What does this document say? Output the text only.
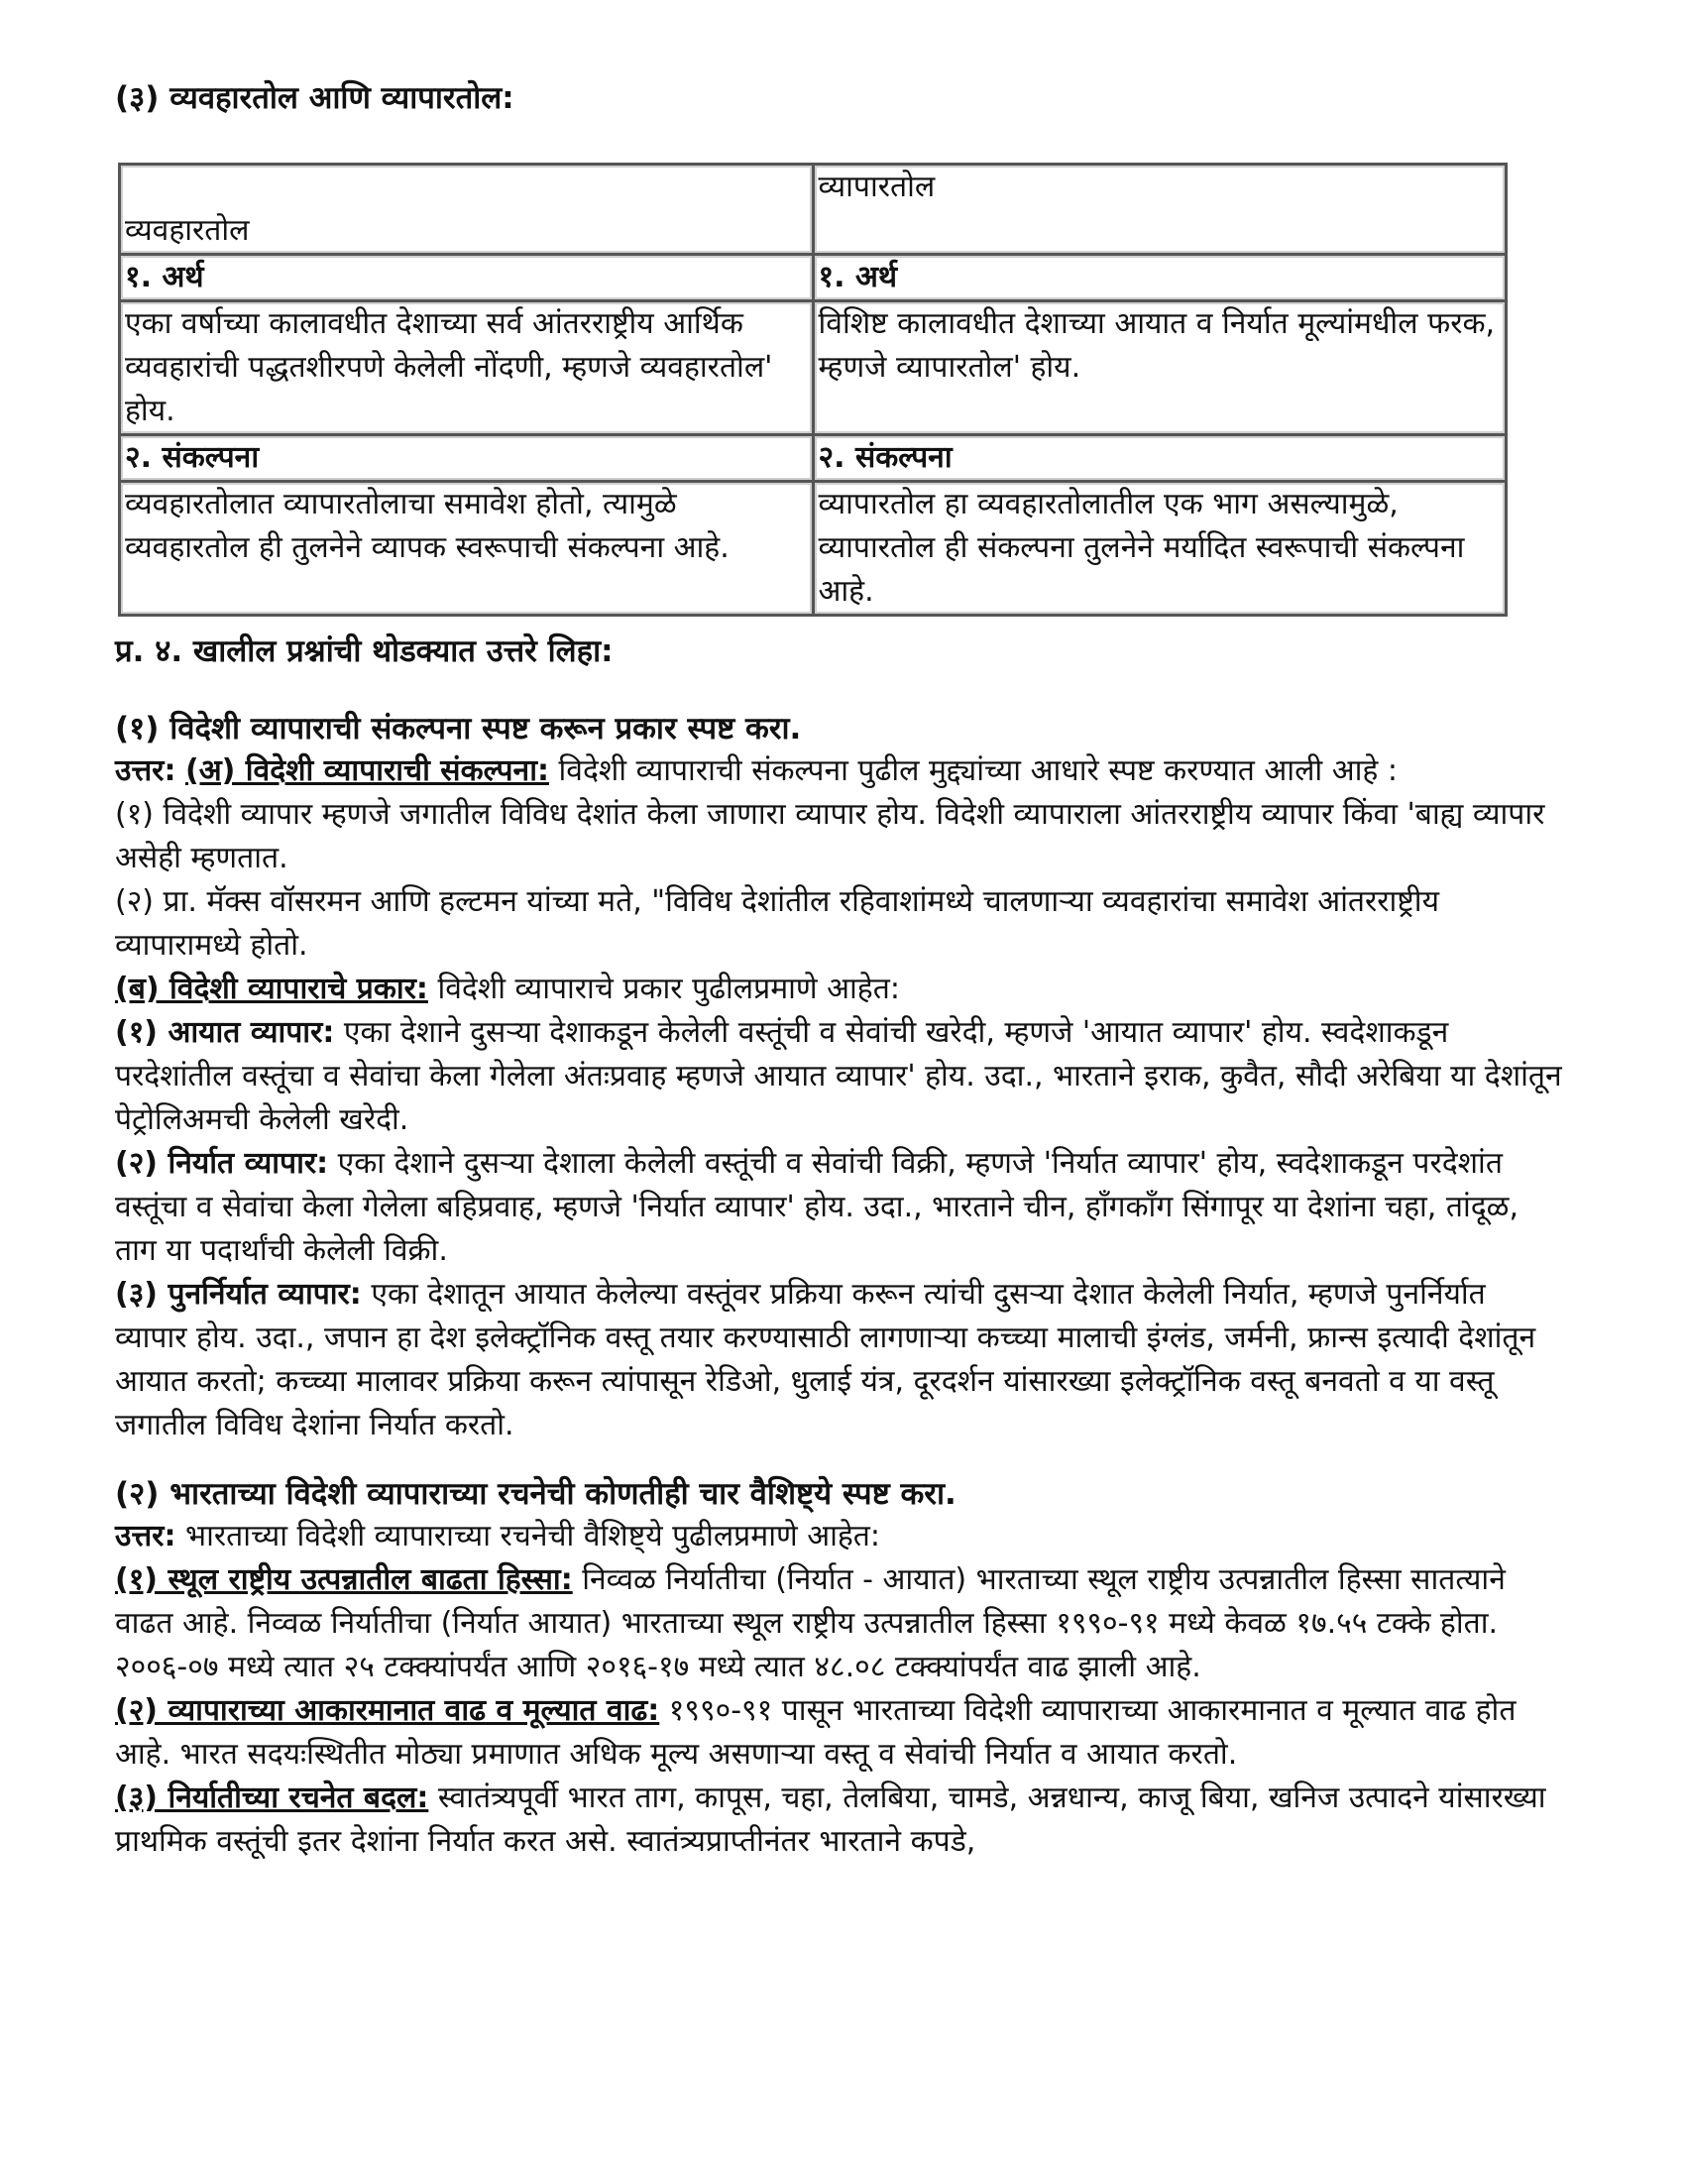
(३) व्यवहारतोल आणि व्यापारतोल:
व्यवहारतोल	व्यापारतोल
१. अर्थ	१. अर्थ
एका वर्षाच्या कालावधीत देशाच्या सर्व आंतरराष्ट्रीय आर्थिक व्यवहारांची पद्धतशीरपणे केलेली नोंदणी, म्हणजे व्यवहारतोल' होय.	विशिष्ट कालावधीत देशाच्या आयात व निर्यात मूल्यांमधील फरक, म्हणजे व्यापारतोल' होय.
२. संकल्पना	२. संकल्पना
व्यवहारतोलात व्यापारतोलाचा समावेश होतो, त्यामुळे व्यवहारतोल ही तुलनेने व्यापक स्वरूपाची संकल्पना आहे.	व्यापारतोल हा व्यवहारतोलातील एक भाग असल्यामुळे, व्यापारतोल ही संकल्पना तुलनेने मर्यादित स्वरूपाची संकल्पना आहे.
प्र. ४. खालील प्रश्नांची थोडक्यात उत्तरे लिहा:

(१) विदेशी व्यापाराची संकल्पना स्पष्ट करून प्रकार स्पष्ट करा.

उत्तर: (अ) विदेशी व्यापाराची संकल्पना: विदेशी व्यापाराची संकल्पना पुढील मुद्द्यांच्या आधारे स्पष्ट करण्यात आली आहे :

(१) विदेशी व्यापार म्हणजे जगातील विविध देशांत केला जाणारा व्यापार होय. विदेशी व्यापाराला आंतरराष्ट्रीय व्यापार किंवा 'बाह्य व्यापार असेही म्हणतात.

(२) प्रा. मॅक्स वॉसरमन आणि हल्टमन यांच्या मते, "विविध देशांतील रहिवाशांमध्ये चालणाऱ्या व्यवहारांचा समावेश आंतरराष्ट्रीय व्यापारामध्ये होतो.

(ब) विदेशी व्यापाराचे प्रकार: विदेशी व्यापाराचे प्रकार पुढीलप्रमाणे आहेत:

(१) आयात व्यापार: एका देशाने दुसऱ्या देशाकडून केलेली वस्तूंची व सेवांची खरेदी, म्हणजे 'आयात व्यापार' होय. स्वदेशाकडून परदेशांतील वस्तूंचा व सेवांचा केला गेलेला अंतःप्रवाह म्हणजे आयात व्यापार' होय. उदा., भारताने इराक, कुवैत, सौदी अरेबिया या देशांतून पेट्रोलिअमची केलेली खरेदी.

(२) निर्यात व्यापार: एका देशाने दुसऱ्या देशाला केलेली वस्तूंची व सेवांची विक्री, म्हणजे 'निर्यात व्यापार' होय, स्वदेशाकडून परदेशांत वस्तूंचा व सेवांचा केला गेलेला बहिप्रवाह, म्हणजे 'निर्यात व्यापार' होय. उदा., भारताने चीन, हाँगकाँग सिंगापूर या देशांना चहा, तांदूळ, ताग या पदार्थांची केलेली विक्री.

(३) पुनर्निर्यात व्यापार: एका देशातून आयात केलेल्या वस्तूंवर प्रक्रिया करून त्यांची दुसऱ्या देशात केलेली निर्यात, म्हणजे पुनर्निर्यात व्यापार होय. उदा., जपान हा देश इलेक्ट्रॉनिक वस्तू तयार करण्यासाठी लागणाऱ्या कच्च्या मालाची इंग्लंड, जर्मनी, फ्रान्स इत्यादी देशांतून आयात करतो; कच्च्या मालावर प्रक्रिया करून त्यांपासून रेडिओ, धुलाई यंत्र, दूरदर्शन यांसारख्या इलेक्ट्रॉनिक वस्तू बनवतो व या वस्तू जगातील विविध देशांना निर्यात करतो.

(२) भारताच्या विदेशी व्यापाराच्या रचनेची कोणतीही चार वैशिष्ट्ये स्पष्ट करा.

उत्तर: भारताच्या विदेशी व्यापाराच्या रचनेची वैशिष्ट्ये पुढीलप्रमाणे आहेत:

(१) स्थूल राष्ट्रीय उत्पन्नातील बाढता हिस्सा: निव्वळ निर्यातीचा (निर्यात - आयात) भारताच्या स्थूल राष्ट्रीय उत्पन्नातील हिस्सा सातत्याने वाढत आहे. निव्वळ निर्यातीचा (निर्यात आयात) भारताच्या स्थूल राष्ट्रीय उत्पन्नातील हिस्सा १९९०-९१ मध्ये केवळ १७.५५ टक्के होता. २००६-०७ मध्ये त्यात २५ टक्क्यांपर्यंत आणि २०१६-१७ मध्ये त्यात ४८.०८ टक्क्यांपर्यंत वाढ झाली आहे.

(२) व्यापाराच्या आकारमानात वाढ व मूल्यात वाढ: १९९०-९१ पासून भारताच्या विदेशी व्यापाराच्या आकारमानात व मूल्यात वाढ होत आहे. भारत सदयःस्थितीत मोठ्या प्रमाणात अधिक मूल्य असणाऱ्या वस्तू व सेवांची निर्यात व आयात करतो.

(३) निर्यातीच्या रचनेत बदल: स्वातंत्र्यपूर्वी भारत ताग, कापूस, चहा, तेलबिया, चामडे, अन्नधान्य, काजू बिया, खनिज उत्पादने यांसारख्या प्राथमिक वस्तूंची इतर देशांना निर्यात करत असे. स्वातंत्र्यप्राप्तीनंतर भारताने कपडे,
